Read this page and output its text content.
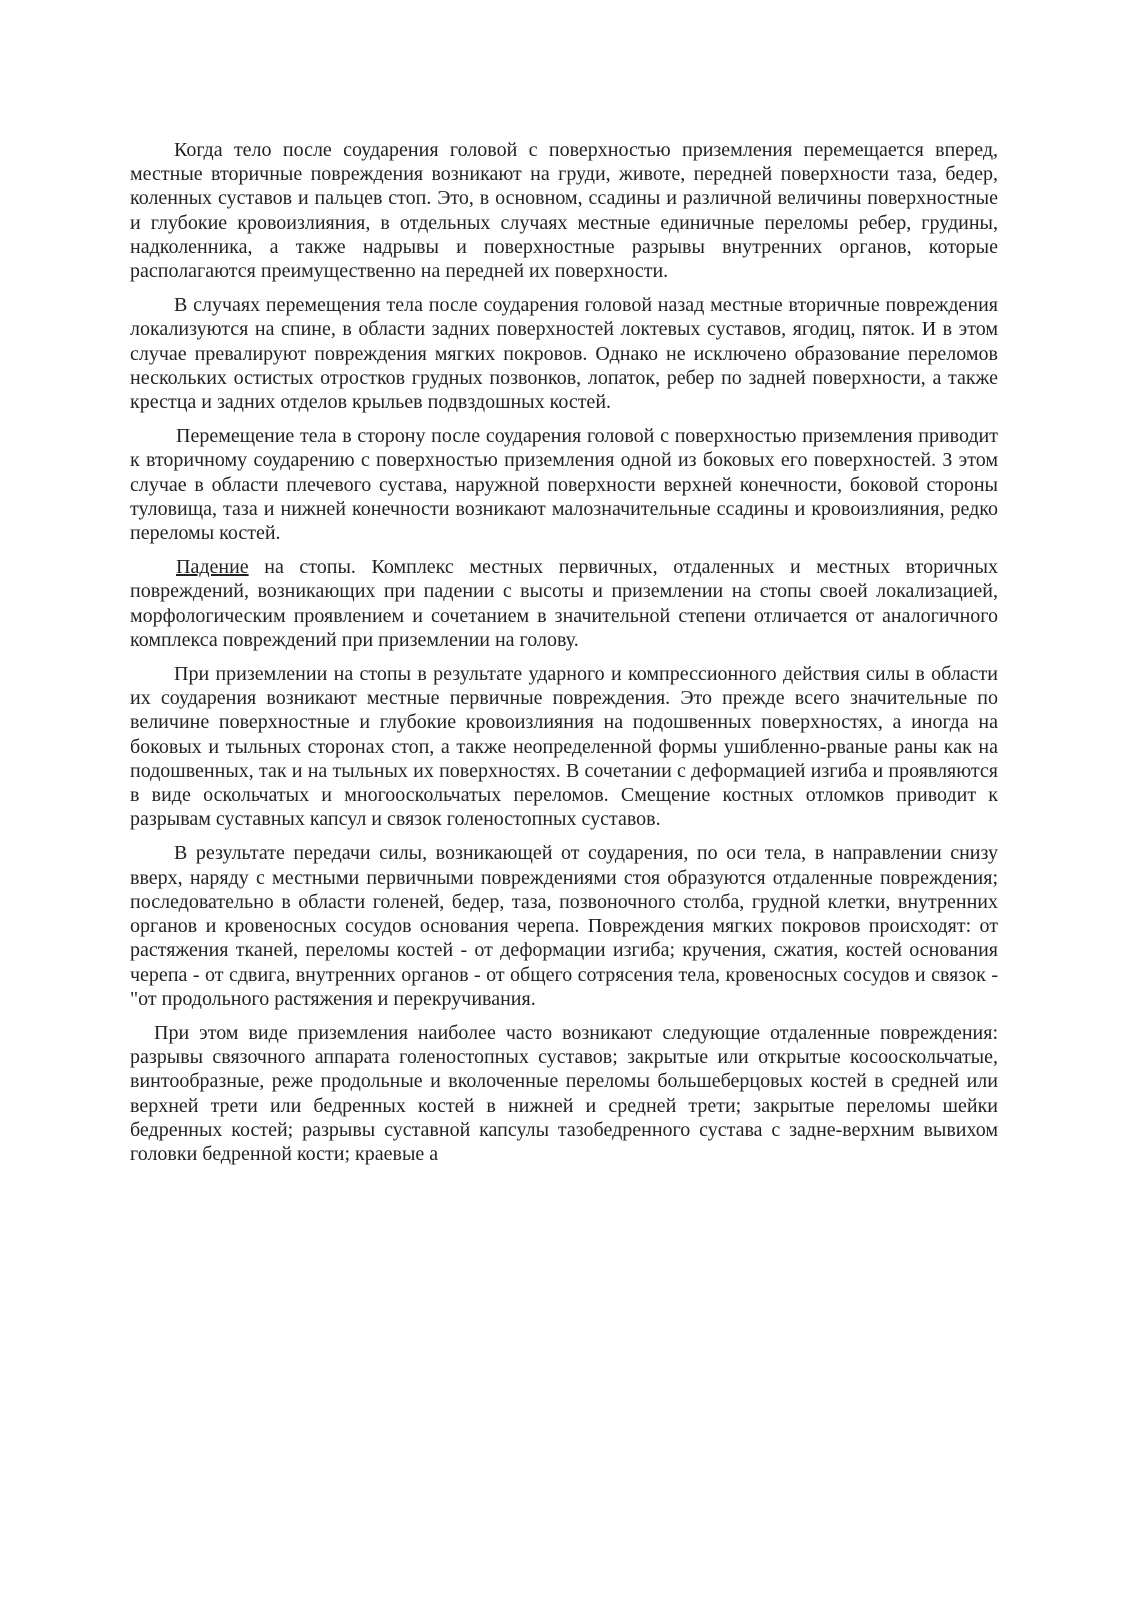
Когда тело после соударения головой с поверхностью приземления перемещается вперед, местные вторичные повреждения возникают на груди, животе, передней поверхности таза, бедер, коленных суставов и пальцев стоп. Это, в основном, ссадины и различной величины поверхностные и глубокие кровоизлияния, в отдельных случаях местные единичные переломы ребер, грудины, надколенника, а также надрывы и поверхностные разрывы внутренних органов, которые располагаются преимущественно на передней их поверхности.

В случаях перемещения тела после соударения головой назад местные вторичные повреждения локализуются на спине, в области задних поверхностей локтевых суставов, ягодиц, пяток. И в этом случае превалируют повреждения мягких покровов. Однако не исключено образование переломов нескольких остистых отростков грудных позвонков, лопаток, ребер по задней поверхности, а также крестца и задних отделов крыльев подвздошных костей.

Перемещение тела в сторону после соударения головой с поверхностью приземления приводит к вторичному соударению с поверхностью приземления одной из боковых его поверхностей. З этом случае в области плечевого сустава, наружной поверхности верхней конечности, боковой стороны туловища, таза и нижней конечности возникают малозначительные ссадины и кровоизлияния, редко переломы костей.

Падение на стопы. Комплекс местных первичных, отдаленных и местных вторичных повреждений, возникающих при падении с высоты и приземлении на стопы своей локализацией, морфологическим проявлением и сочетанием в значительной степени отличается от аналогичного комплекса повреждений при приземлении на голову.

При приземлении на стопы в результате ударного и компрессионного действия силы в области их соударения возникают местные первичные повреждения. Это прежде всего значительные по величине поверхностные и глубокие кровоизлияния на подошвенных поверхностях, а иногда на боковых и тыльных сторонах стоп, а также неопределенной формы ушибленно-рваные раны как на подошвенных, так и на тыльных их поверхностях. В сочетании с деформацией изгиба и проявляются в виде оскольчатых и многооскольчатых переломов. Смещение костных отломков приводит к разрывам суставных капсул и связок голеностопных суставов.

В результате передачи силы, возникающей от соударения, по оси тела, в направлении снизу вверх, наряду с местными первичными повреждениями стоя образуются отдаленные повреждения; последовательно в области голеней, бедер, таза, позвоночного столба, грудной клетки, внутренних органов и кровеносных сосудов основания черепа. Повреждения мягких покровов происходят: от растяжения тканей, переломы костей - от деформации изгиба; кручения, сжатия, костей основания черепа - от сдвига, внутренних органов - от общего сотрясения тела, кровеносных сосудов и связок - "от продольного растяжения и перекручивания.

При этом виде приземления наиболее часто возникают следующие отдаленные повреждения: разрывы связочного аппарата голеностопных суставов; закрытые или открытые косооскольчатые, винтообразные, реже продольные и вколоченные переломы большеберцовых костей в средней или верхней трети или бедренных костей в нижней и средней трети; закрытые переломы шейки бедренных костей; разрывы суставной капсулы тазобедренного сустава с задне-верхним вывихом головки бедренной кости; краевые а
